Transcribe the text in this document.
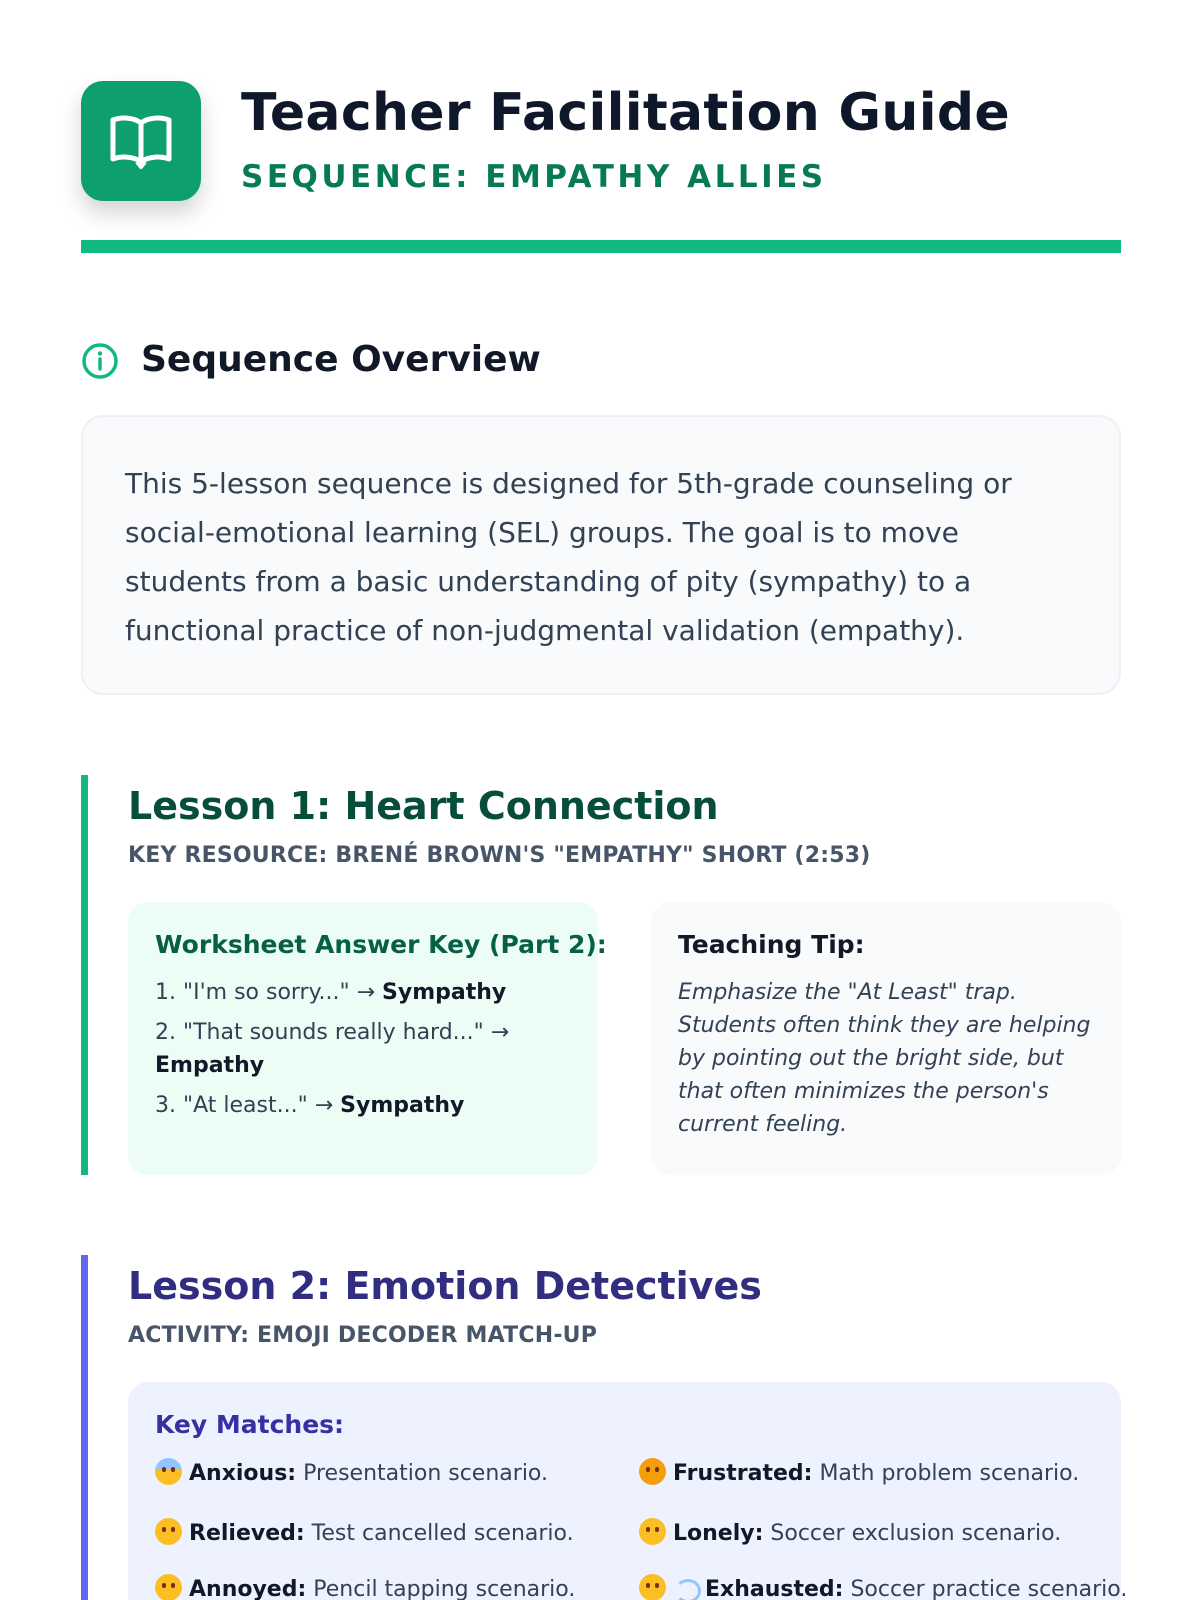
Teacher Facilitation Guide
SEQUENCE: EMPATHY ALLIES
Sequence Overview

This 5-lesson sequence is designed for 5th-grade counseling or social-emotional learning (SEL) groups. The goal is to move students from a basic understanding of pity (sympathy) to a functional practice of non-judgmental validation (empathy).

Lesson 1: Heart Connection
KEY RESOURCE: BRENÉ BROWN'S "EMPATHY" SHORT (2:53)
Worksheet Answer Key (Part 2):
1. "I'm so sorry..." → Sympathy
2. "That sounds really hard..." → Empathy
3. "At least..." → Sympathy
Teaching Tip:

Emphasize the "At Least" trap. Students often think they are helping by pointing out the bright side, but that often minimizes the person's current feeling.

Lesson 2: Emotion Detectives
ACTIVITY: EMOJI DECODER MATCH-UP
Key Matches:
Anxious: Presentation scenario.	Frustrated: Math problem scenario.
Relieved: Test cancelled scenario.	Lonely: Soccer exclusion scenario.
Annoyed: Pencil tapping scenario.	Exhausted: Soccer practice scenario.
